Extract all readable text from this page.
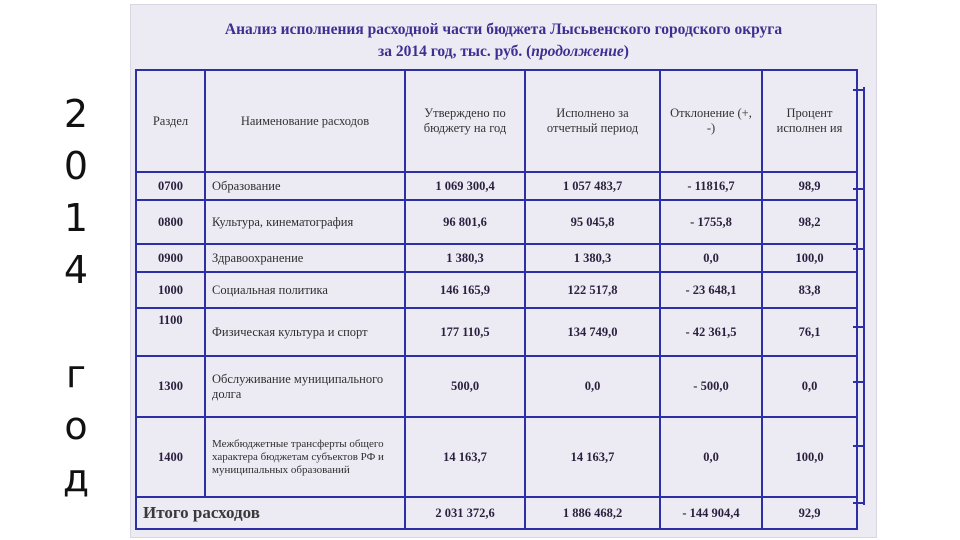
2
0
1
4
г
о
д
Анализ исполнения расходной части бюджета Лысьвенского городского округа
за 2014 год, тыс. руб. (продолжение)
Раздел	Наименование расходов	Утверждено по бюджету на год	Исполнено за отчетный период	Отклонение (+, -)	Процент исполнен ия
0700	Образование	1 069 300,4	1 057 483,7	- 11816,7	98,9
0800	Культура, кинематография	96 801,6	95 045,8	- 1755,8	98,2
0900	Здравоохранение	1 380,3	1 380,3	0,0	100,0
1000	Социальная политика	146 165,9	122 517,8	- 23 648,1	83,8
1100	Физическая культура и спорт	177 110,5	134 749,0	- 42 361,5	76,1
1300	Обслуживание муниципального долга	500,0	0,0	- 500,0	0,0
1400	Межбюджетные трансферты общего характера бюджетам субъектов РФ и муниципальных образований	14 163,7	14 163,7	0,0	100,0
Итого расходов		2 031 372,6	1 886 468,2	- 144 904,4	92,9
